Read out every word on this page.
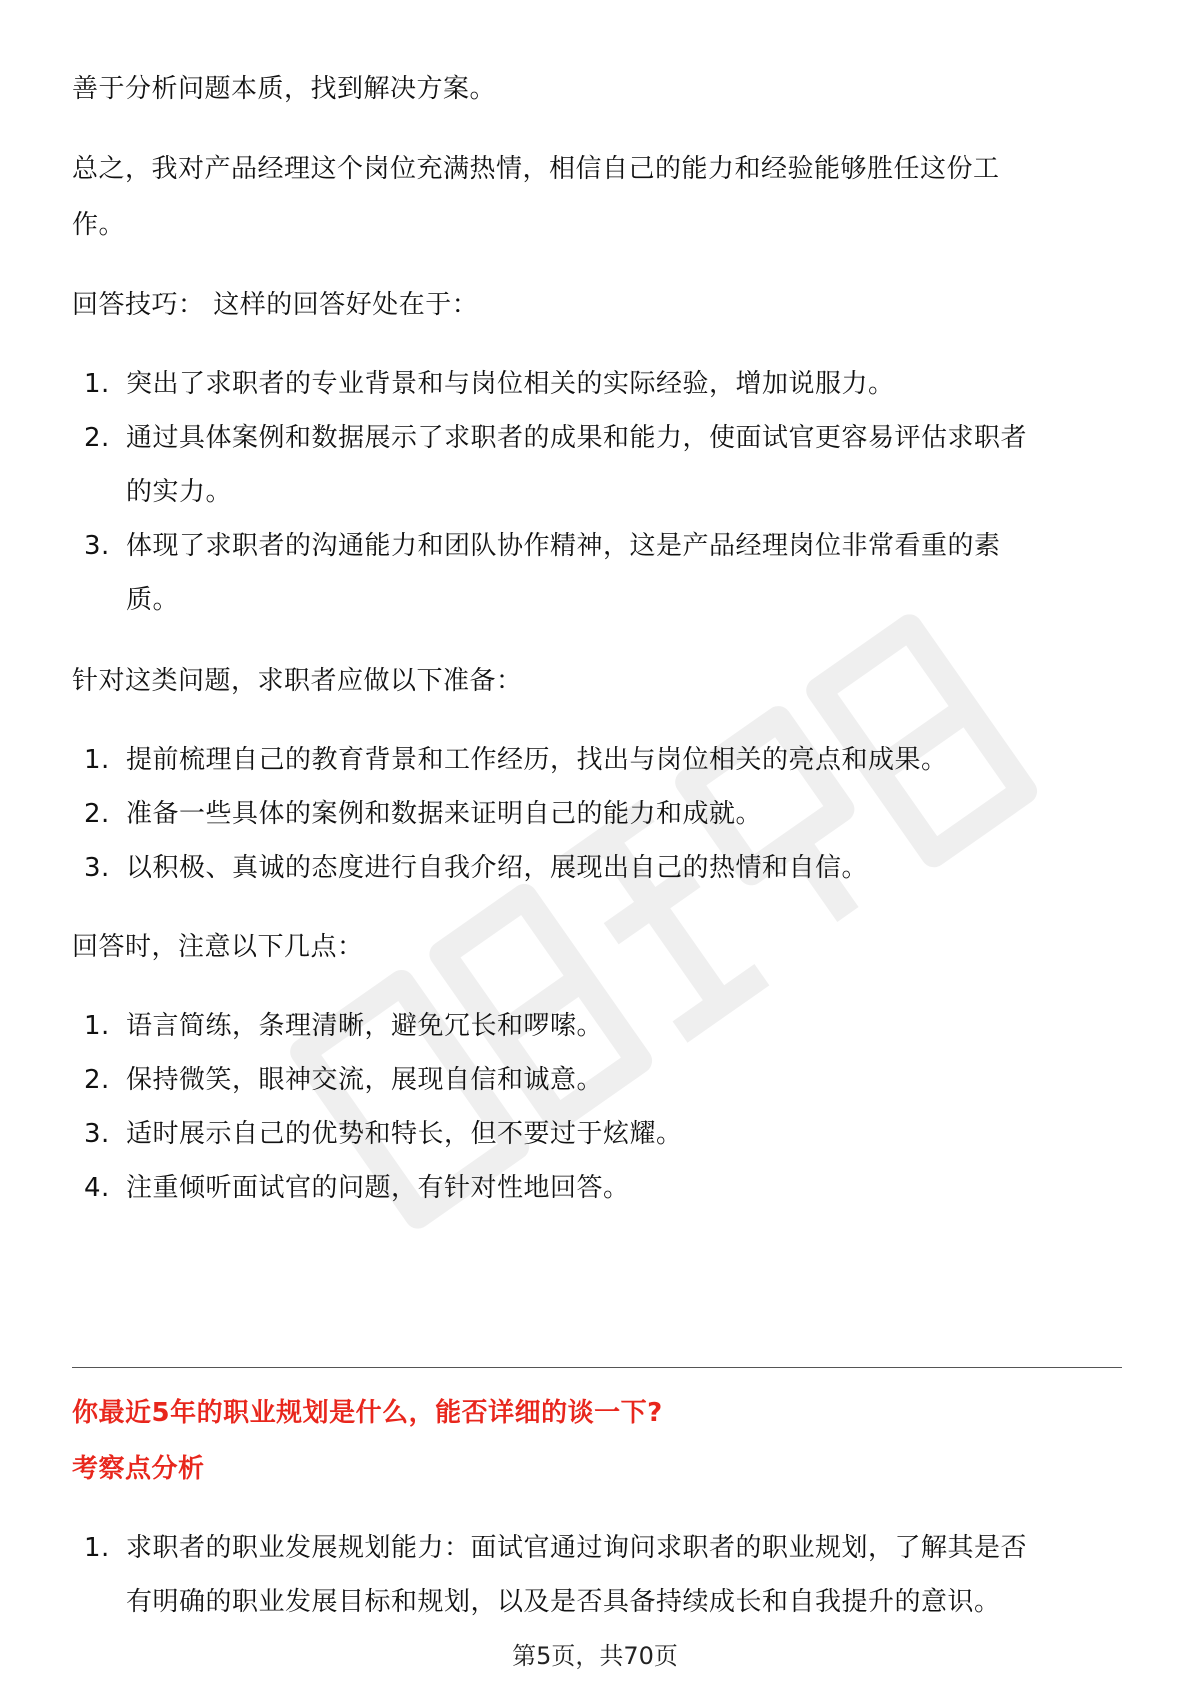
善于分析问题本质，找到解决方案。

总之，我对产品经理这个岗位充满热情，相信自己的能力和经验能够胜任这份工

作。

回答技巧： 这样的回答好处在于：

1. 突出了求职者的专业背景和与岗位相关的实际经验，增加说服力。
2. 通过具体案例和数据展示了求职者的成果和能力，使面试官更容易评估求职者
的实力。
3. 体现了求职者的沟通能力和团队协作精神，这是产品经理岗位非常看重的素
质。

针对这类问题，求职者应做以下准备：

1. 提前梳理自己的教育背景和工作经历，找出与岗位相关的亮点和成果。
2. 准备一些具体的案例和数据来证明自己的能力和成就。
3. 以积极、真诚的态度进行自我介绍，展现出自己的热情和自信。

回答时，注意以下几点：

1. 语言简练，条理清晰，避免冗长和啰嗦。
2. 保持微笑，眼神交流，展现自信和诚意。
3. 适时展示自己的优势和特长，但不要过于炫耀。
4. 注重倾听面试官的问题，有针对性地回答。

你最近5年的职业规划是什么，能否详细的谈一下?

考察点分析

1. 求职者的职业发展规划能力：面试官通过询问求职者的职业规划，了解其是否
有明确的职业发展目标和规划，以及是否具备持续成长和自我提升的意识。
第5页，共70页
